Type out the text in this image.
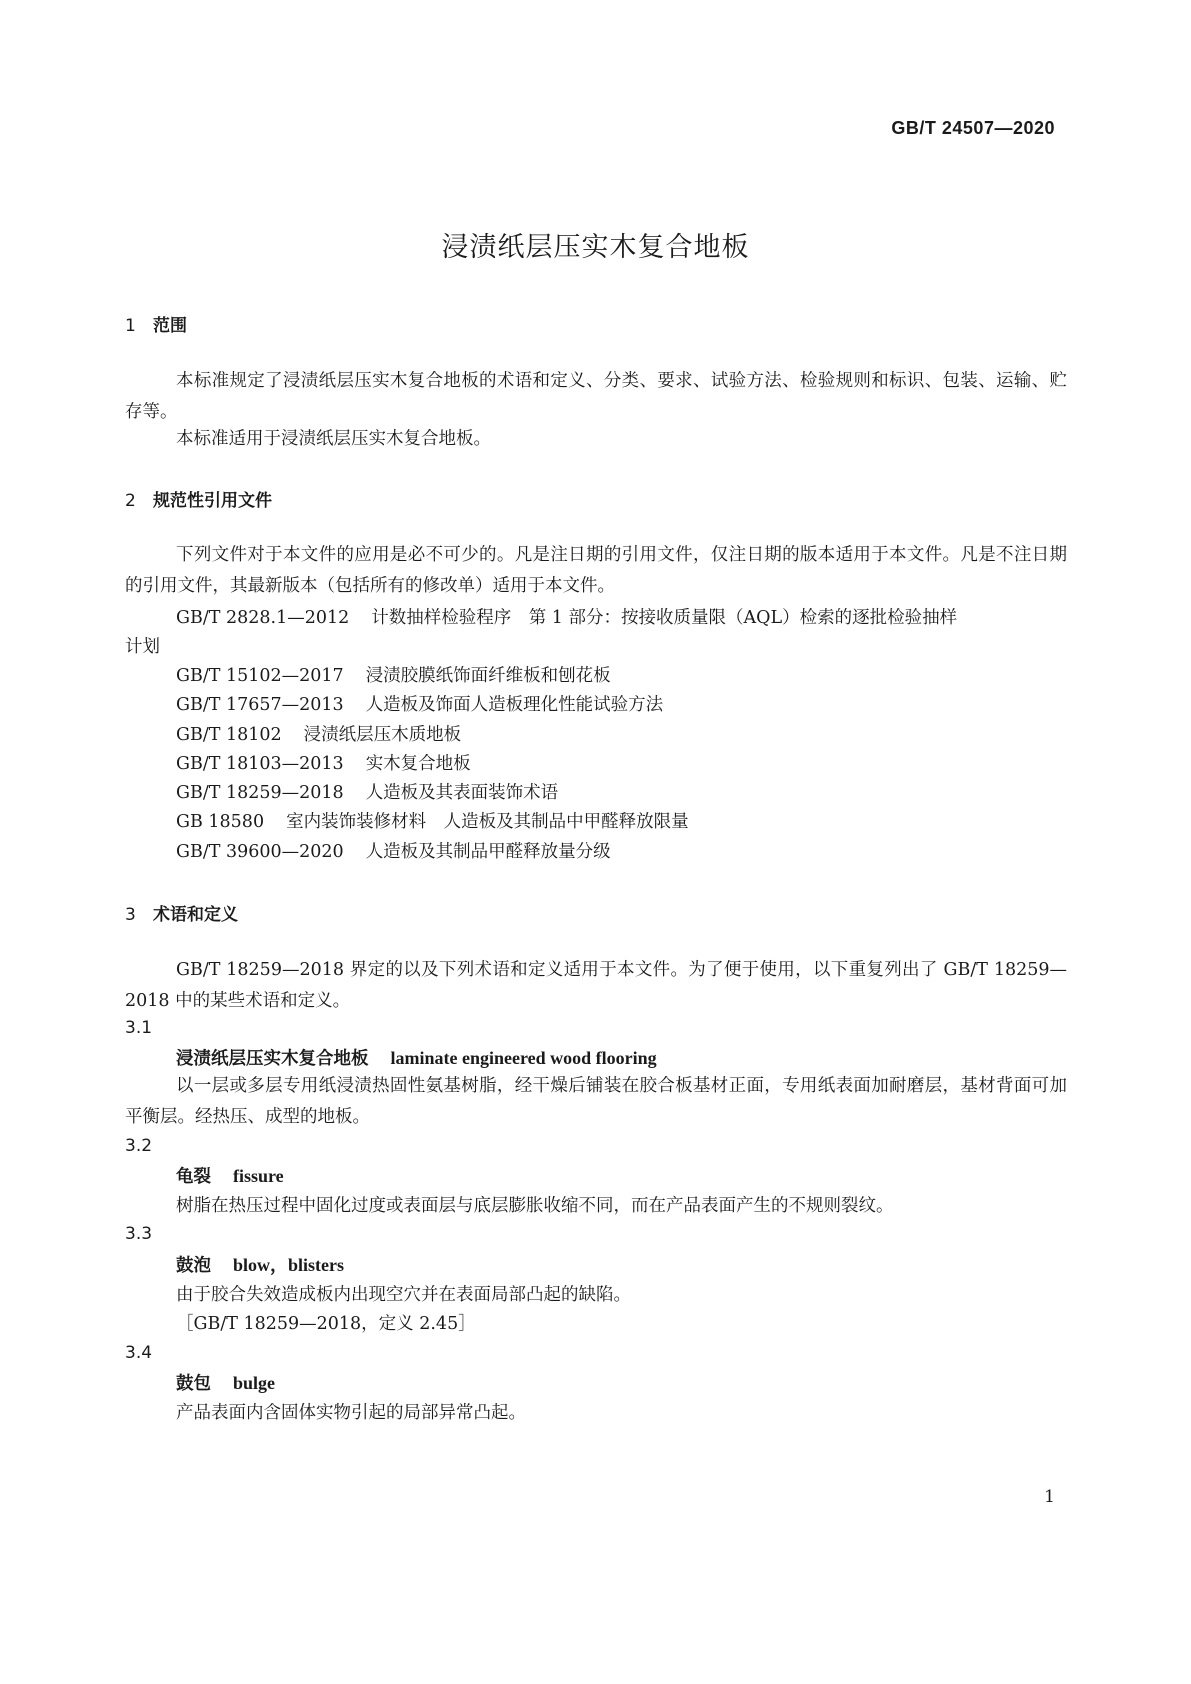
GB/T 24507—2020
浸渍纸层压实木复合地板
1 范围

本标准规定了浸渍纸层压实木复合地板的术语和定义、分类、要求、试验方法、检验规则和标识、包装、运输、贮存等。

本标准适用于浸渍纸层压实木复合地板。

2 规范性引用文件

下列文件对于本文件的应用是必不可少的。凡是注日期的引用文件，仅注日期的版本适用于本文件。凡是不注日期的引用文件，其最新版本（包括所有的修改单）适用于本文件。

GB/T 2828.1—2012 计数抽样检验程序　第 1 部分：按接收质量限（AQL）检索的逐批检验抽样
计划
GB/T 15102—2017 浸渍胶膜纸饰面纤维板和刨花板
GB/T 17657—2013 人造板及饰面人造板理化性能试验方法
GB/T 18102 浸渍纸层压木质地板
GB/T 18103—2013 实木复合地板
GB/T 18259—2018 人造板及其表面装饰术语
GB 18580 室内装饰装修材料　人造板及其制品中甲醛释放限量
GB/T 39600—2020 人造板及其制品甲醛释放量分级
3 术语和定义

GB/T 18259—2018 界定的以及下列术语和定义适用于本文件。为了便于使用，以下重复列出了 GB/T 18259—2018 中的某些术语和定义。

3.1
浸渍纸层压实木复合地板 laminate engineered wood flooring

以一层或多层专用纸浸渍热固性氨基树脂，经干燥后铺装在胶合板基材正面，专用纸表面加耐磨层，基材背面可加平衡层。经热压、成型的地板。

3.2
龟裂 fissure
树脂在热压过程中固化过度或表面层与底层膨胀收缩不同，而在产品表面产生的不规则裂纹。
3.3
鼓泡 blow，blisters
由于胶合失效造成板内出现空穴并在表面局部凸起的缺陷。
［GB/T 18259—2018，定义 2.45］
3.4
鼓包 bulge
产品表面内含固体实物引起的局部异常凸起。
1
